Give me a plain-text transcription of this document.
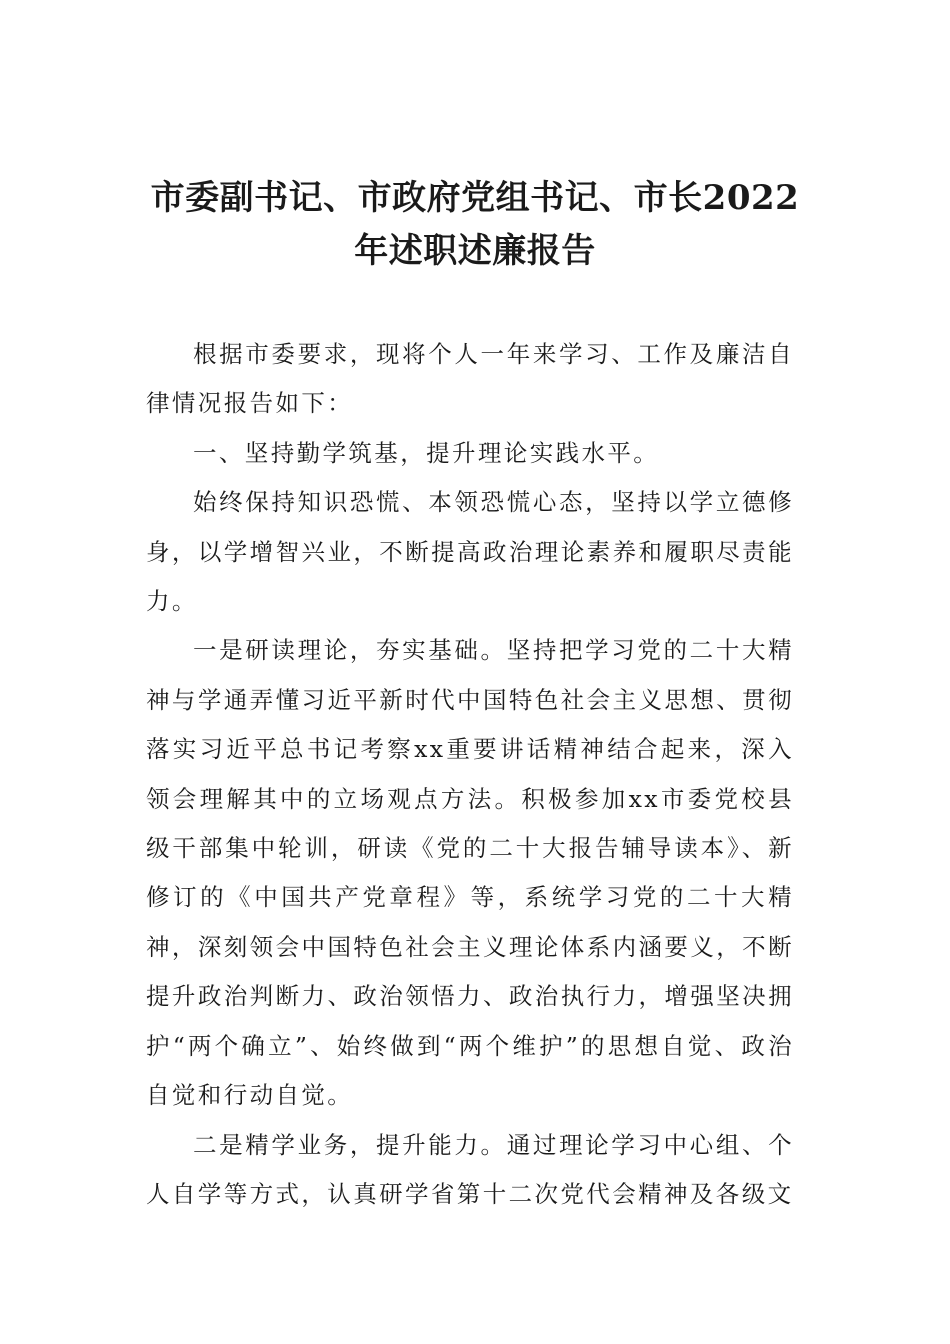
市委副书记、市政府党组书记、市长2022
年述职述廉报告

根据市委要求，现将个人一年来学习、工作及廉洁自律情况报告如下：

一、坚持勤学筑基，提升理论实践水平。

始终保持知识恐慌、本领恐慌心态，坚持以学立德修身，以学增智兴业，不断提高政治理论素养和履职尽责能力。

一是研读理论，夯实基础。坚持把学习党的二十大精神与学通弄懂习近平新时代中国特色社会主义思想、贯彻落实习近平总书记考察xx重要讲话精神结合起来，深入领会理解其中的立场观点方法。积极参加xx市委党校县级干部集中轮训，研读《党的二十大报告辅导读本》、新修订的《中国共产党章程》等，系统学习党的二十大精神，深刻领会中国特色社会主义理论体系内涵要义，不断提升政治判断力、政治领悟力、政治执行力，增强坚决拥护“两个确立”、始终做到“两个维护”的思想自觉、政治自觉和行动自觉。

二是精学业务，提升能力。通过理论学习中心组、个人自学等方式，认真研学省第十二次党代会精神及各级文
